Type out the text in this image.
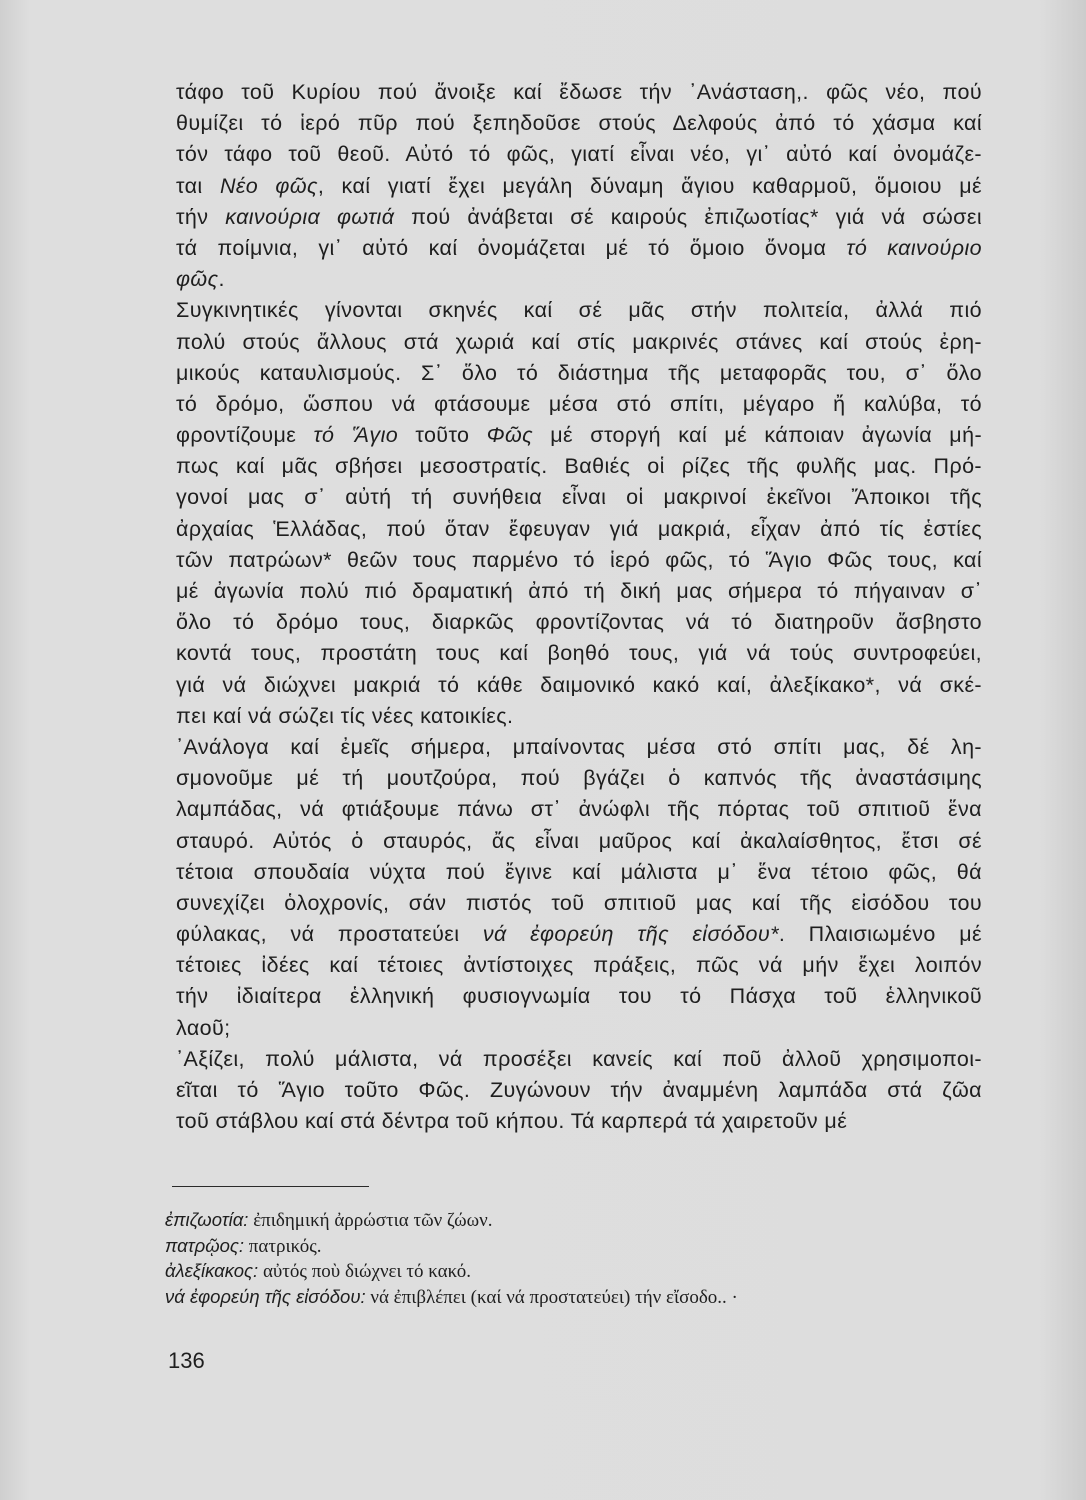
τάφο τοῦ Κυρίου πού ἄνοιξε καί ἔδωσε τήν ᾿Ανάσταση,. φῶς νέο, πού
θυμίζει τό ἱερό πῦρ πού ξεπηδοῦσε στούς Δελφούς ἀπό τό χάσμα καί
τόν τάφο τοῦ θεοῦ. Αὐτό τό φῶς, γιατί εἶναι νέο, γι᾿ αὐτό καί ὀνομάζε-
ται Νέο φῶς, καί γιατί ἔχει μεγάλη δύναμη ἅγιου καθαρμοῦ, ὅμοιου μέ
τήν καινούρια φωτιά πού ἀνάβεται σέ καιρούς ἐπιζωοτίας* γιά νά σώσει
τά ποίμνια, γι᾿ αὐτό καί ὀνομάζεται μέ τό ὅμοιο ὄνομα τό καινούριο
φῶς.
Συγκινητικές γίνονται σκηνές καί σέ μᾶς στήν πολιτεία, ἀλλά πιό
πολύ στούς ἄλλους στά χωριά καί στίς μακρινές στάνες καί στούς ἐρη-
μικούς καταυλισμούς. Σ᾿ ὅλο τό διάστημα τῆς μεταφορᾶς του, σ᾿ ὅλο
τό δρόμο, ὥσπου νά φτάσουμε μέσα στό σπίτι, μέγαρο ἤ καλύβα, τό
φροντίζουμε τό Ἅγιο τοῦτο Φῶς μέ στοργή καί μέ κάποιαν ἀγωνία μή-
πως καί μᾶς σβήσει μεσοστρατίς. Βαθιές οἱ ρίζες τῆς φυλῆς μας. Πρό-
γονοί μας σ᾿ αὐτή τή συνήθεια εἶναι οἱ μακρινοί ἐκεῖνοι Ἄποικοι τῆς
ἀρχαίας Ἑλλάδας, πού ὅταν ἔφευγαν γιά μακριά, εἶχαν ἀπό τίς ἑστίες
τῶν πατρώων* θεῶν τους παρμένο τό ἱερό φῶς, τό Ἅγιο Φῶς τους, καί
μέ ἀγωνία πολύ πιό δραματική ἀπό τή δική μας σήμερα τό πήγαιναν σ᾿
ὅλο τό δρόμο τους, διαρκῶς φροντίζοντας νά τό διατηροῦν ἄσβηστο
κοντά τους, προστάτη τους καί βοηθό τους, γιά νά τούς συντροφεύει,
γιά νά διώχνει μακριά τό κάθε δαιμονικό κακό καί, ἀλεξίκακο*, νά σκέ-
πει καί νά σώζει τίς νέες κατοικίες.
᾿Ανάλογα καί ἐμεῖς σήμερα, μπαίνοντας μέσα στό σπίτι μας, δέ λη-
σμονοῦμε μέ τή μουτζούρα, πού βγάζει ὁ καπνός τῆς ἀναστάσιμης
λαμπάδας, νά φτιάξουμε πάνω στ᾿ ἀνώφλι τῆς πόρτας τοῦ σπιτιοῦ ἕνα
σταυρό. Αὐτός ὁ σταυρός, ἄς εἶναι μαῦρος καί ἀκαλαίσθητος, ἔτσι σέ
τέτοια σπουδαία νύχτα πού ἔγινε καί μάλιστα μ᾿ ἕνα τέτοιο φῶς, θά
συνεχίζει ὁλοχρονίς, σάν πιστός τοῦ σπιτιοῦ μας καί τῆς εἰσόδου του
φύλακας, νά προστατεύει νά ἐφορεύη τῆς εἰσόδου*. Πλαισιωμένο μέ
τέτοιες ἰδέες καί τέτοιες ἀντίστοιχες πράξεις, πῶς νά μήν ἔχει λοιπόν
τήν ἰδιαίτερα ἑλληνική φυσιογνωμία του τό Πάσχα τοῦ ἑλληνικοῦ
λαοῦ;
᾿Αξίζει, πολύ μάλιστα, νά προσέξει κανείς καί ποῦ ἀλλοῦ χρησιμοποι-
εῖται τό Ἅγιο τοῦτο Φῶς. Ζυγώνουν τήν ἀναμμένη λαμπάδα στά ζῶα
τοῦ στάβλου καί στά δέντρα τοῦ κήπου. Τά καρπερά τά χαιρετοῦν μέ
ἐπιζωοτία: ἐπιδημική ἀρρώστια τῶν ζώων.
πατρῷος: πατρικός.
ἀλεξίκακος: αὐτός ποὺ διώχνει τό κακό.
νά ἐφορεύη τῆς εἰσόδου: νά ἐπιβλέπει (καί νά προστατεύει) τήν εἴσοδο.. ·
136
